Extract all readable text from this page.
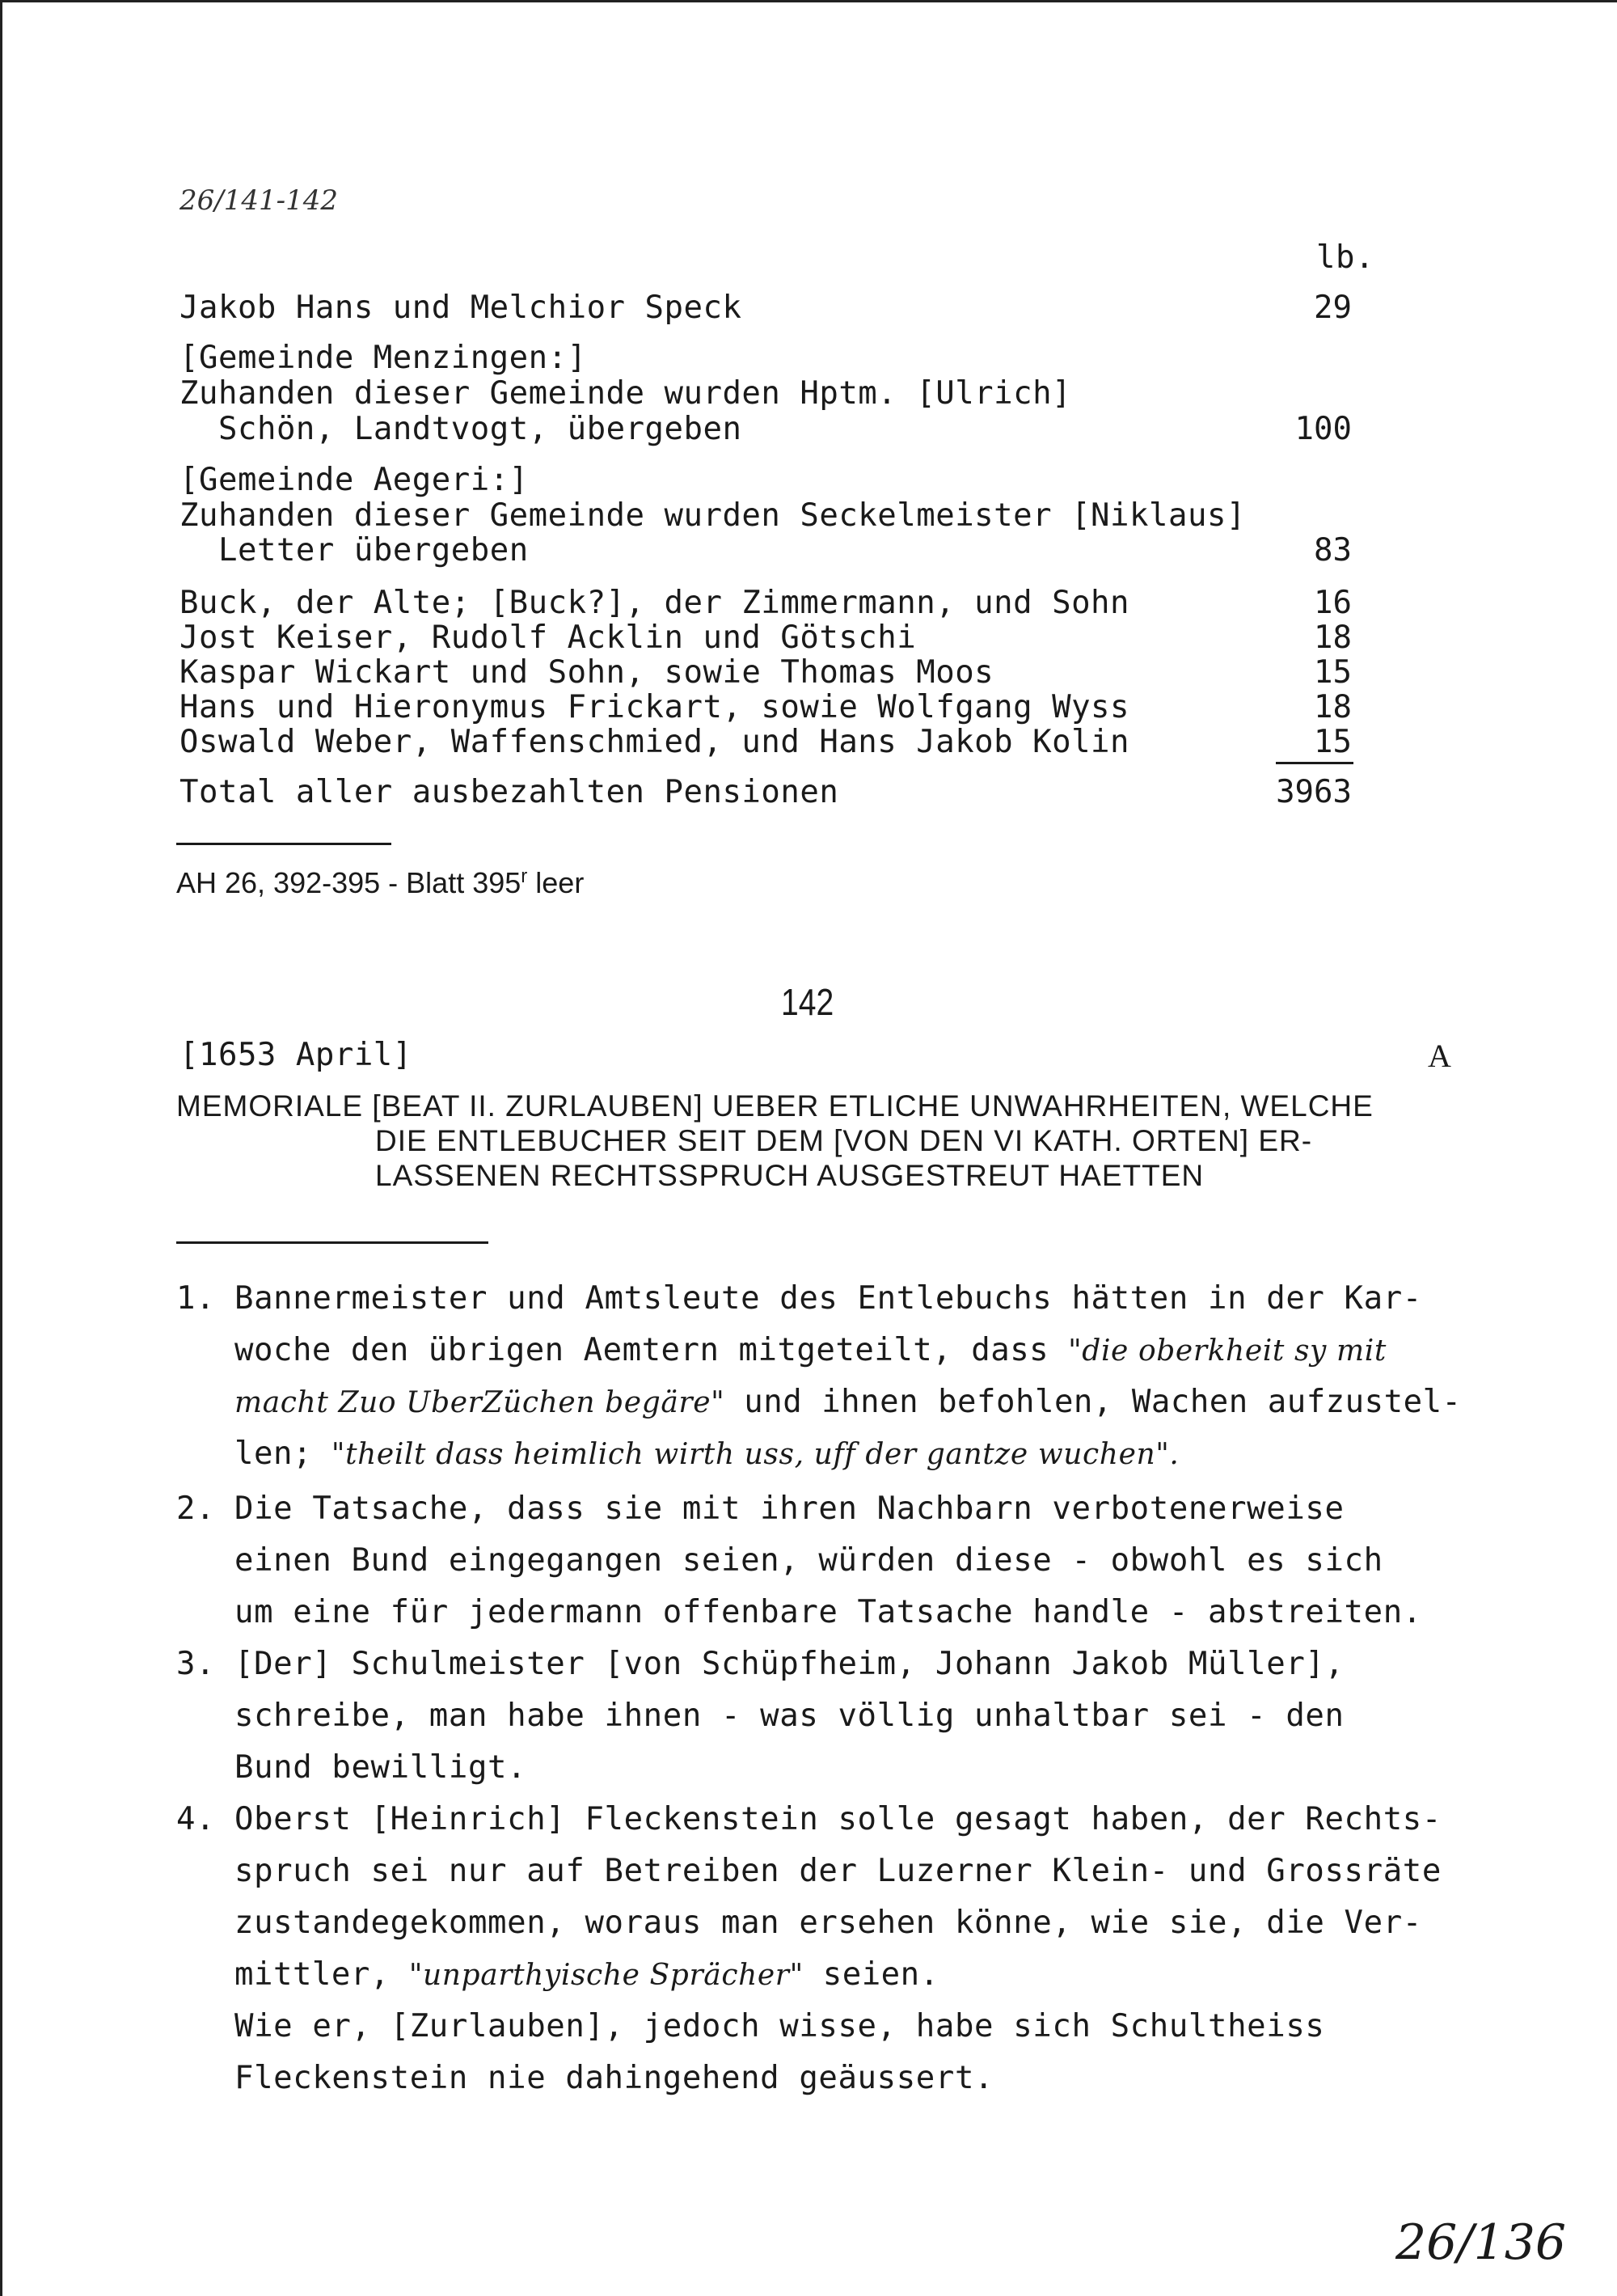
26/141-142
lb.
Jakob Hans und Melchior Speck	29
[Gemeinde Menzingen:]
Zuhanden dieser Gemeinde wurden Hptm. [Ulrich]
Schön, Landtvogt, übergeben	100
[Gemeinde Aegeri:]
Zuhanden dieser Gemeinde wurden Seckelmeister [Niklaus]
Letter übergeben	83
Buck, der Alte; [Buck?], der Zimmermann, und Sohn	16
Jost Keiser, Rudolf Acklin und Götschi	18
Kaspar Wickart und Sohn, sowie Thomas Moos	15
Hans und Hieronymus Frickart, sowie Wolfgang Wyss	18
Oswald Weber, Waffenschmied, und Hans Jakob Kolin	15
Total aller ausbezahlten Pensionen	3963
AH 26, 392-395 - Blatt 395$^r$ leer
142
[1653 April]	A
MEMORIALE [BEAT II. ZURLAUBEN] UEBER ETLICHE UNWAHRHEITEN, WELCHE
DIE ENTLEBUCHER SEIT DEM [VON DEN VI KATH. ORTEN] ER-
LASSENEN RECHTSSPRUCH AUSGESTREUT HAETTEN
1. Bannermeister und Amtsleute des Entlebuchs hätten in der Kar-
woche den übrigen Aemtern mitgeteilt, dass "die oberkheit sy mit
macht Zuo UberZüchen begäre" und ihnen befohlen, Wachen aufzustel-
len; "theilt dass heimlich wirth uss, uff der gantze wuchen".
2. Die Tatsache, dass sie mit ihren Nachbarn verbotenerweise
einen Bund eingegangen seien, würden diese - obwohl es sich
um eine für jedermann offenbare Tatsache handle - abstreiten.
3. [Der] Schulmeister [von Schüpfheim, Johann Jakob Müller],
schreibe, man habe ihnen - was völlig unhaltbar sei - den
Bund bewilligt.
4. Oberst [Heinrich] Fleckenstein solle gesagt haben, der Rechts-
spruch sei nur auf Betreiben der Luzerner Klein- und Grossräte
zustandegekommen, woraus man ersehen könne, wie sie, die Ver-
mittler, "unparthyische Sprächer" seien.
Wie er, [Zurlauben], jedoch wisse, habe sich Schultheiss
Fleckenstein nie dahingehend geäussert.
26/136
